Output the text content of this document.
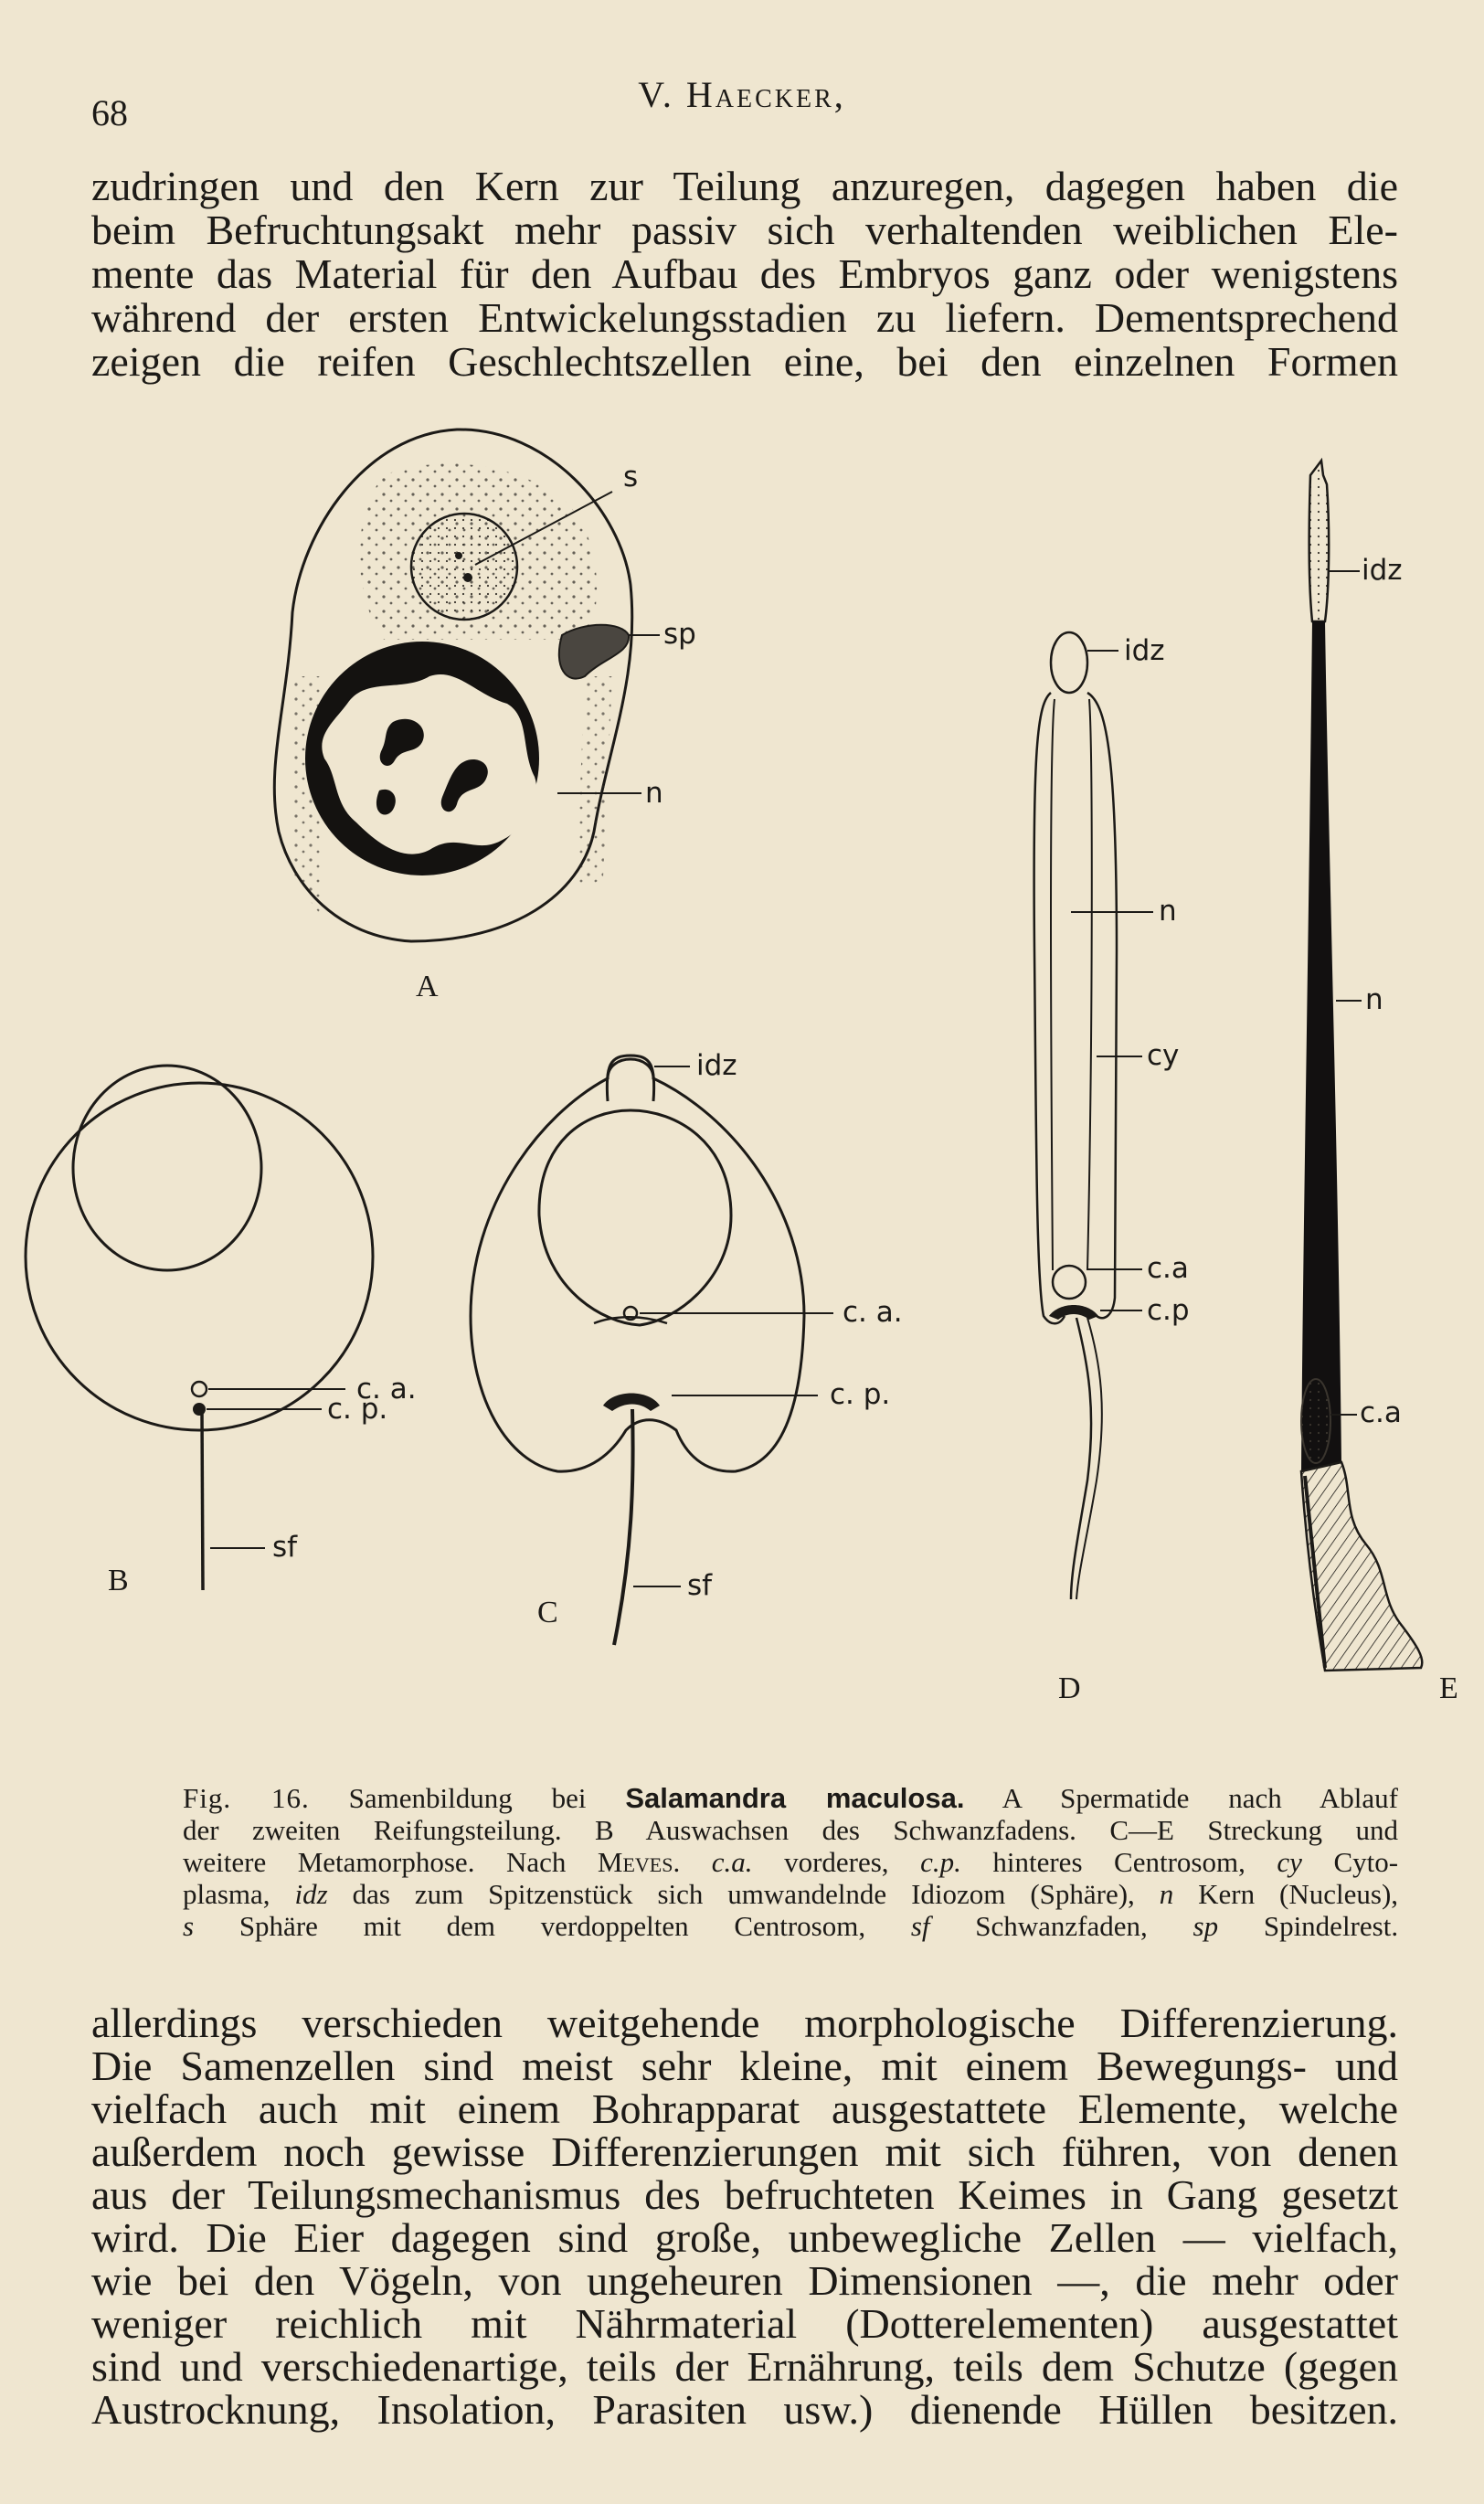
68	V. Haecker,
zudringen und den Kern zur Teilung anzuregen, dagegen haben die
beim Befruchtungsakt mehr passiv sich verhaltenden weiblichen Ele-
mente das Material für den Aufbau des Embryos ganz oder wenigstens
während der ersten Entwickelungsstadien zu liefern. Dementsprechend
zeigen die reifen Geschlechtszellen eine, bei den einzelnen Formen
s
sp
n
A
c. a.
c. p.
sf
B
idz
c. a.
c. p.
sf
C
idz
n
cy
c.a
c.p
D
idz
n
c.a
E
Fig. 16. Samenbildung bei Salamandra maculosa. A Spermatide nach Ablauf
der zweiten Reifungsteilung. B Auswachsen des Schwanzfadens. C—E Streckung und
weitere Metamorphose. Nach Meves. c.a. vorderes, c.p. hinteres Centrosom, cy Cyto-
plasma, idz das zum Spitzenstück sich umwandelnde Idiozom (Sphäre), n Kern (Nucleus),
s Sphäre mit dem verdoppelten Centrosom, sf Schwanzfaden, sp Spindelrest.
allerdings verschieden weitgehende morphologische Differenzierung.
Die Samenzellen sind meist sehr kleine, mit einem Bewegungs- und
vielfach auch mit einem Bohrapparat ausgestattete Elemente, welche
außerdem noch gewisse Differenzierungen mit sich führen, von denen
aus der Teilungsmechanismus des befruchteten Keimes in Gang gesetzt
wird. Die Eier dagegen sind große, unbewegliche Zellen — vielfach,
wie bei den Vögeln, von ungeheuren Dimensionen —, die mehr oder
weniger reichlich mit Nährmaterial (Dotterelementen) ausgestattet
sind und verschiedenartige, teils der Ernährung, teils dem Schutze (gegen
Austrocknung, Insolation, Parasiten usw.) dienende Hüllen besitzen.
